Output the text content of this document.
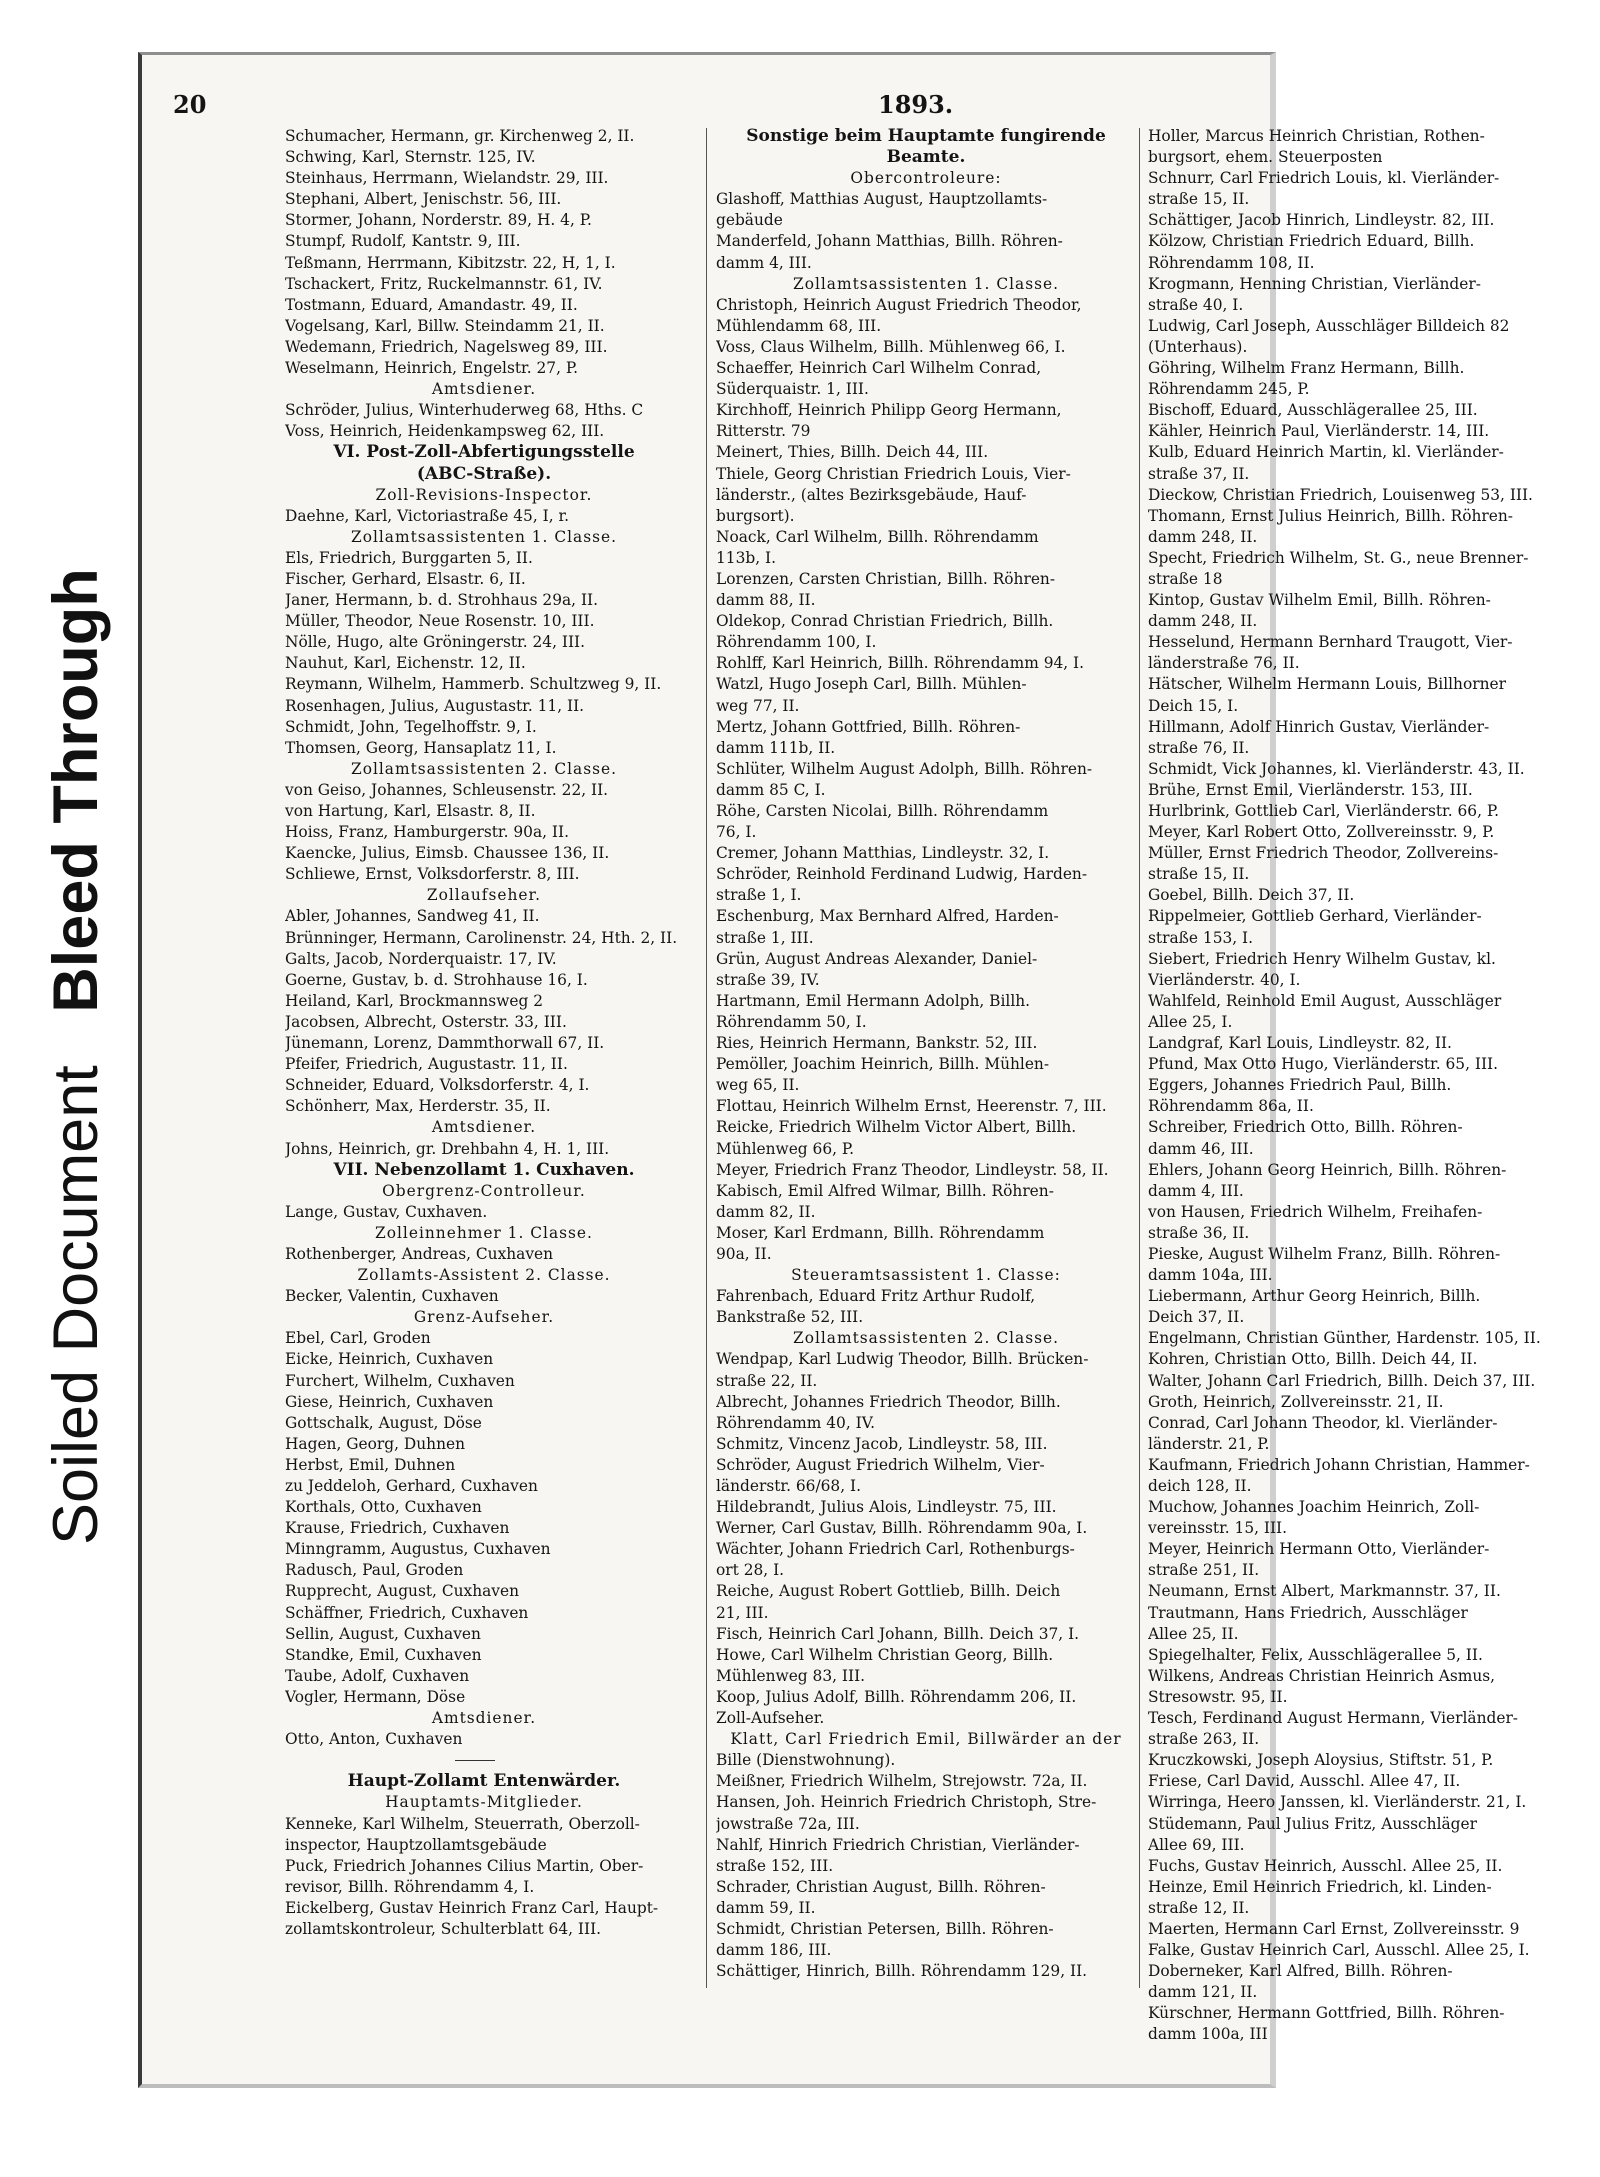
Soiled Document   Bleed Through
20	1893.
Schumacher, Hermann, gr. Kirchenweg 2, II.
Schwing, Karl, Sternstr. 125, IV.
Steinhaus, Herrmann, Wielandstr. 29, III.
Stephani, Albert, Jenischstr. 56, III.
Stormer, Johann, Norderstr. 89, H. 4, P.
Stumpf, Rudolf, Kantstr. 9, III.
Teßmann, Herrmann, Kibitzstr. 22, H, 1, I.
Tschackert, Fritz, Ruckelmannstr. 61, IV.
Tostmann, Eduard, Amandastr. 49, II.
Vogelsang, Karl, Billw. Steindamm 21, II.
Wedemann, Friedrich, Nagelsweg 89, III.
Weselmann, Heinrich, Engelstr. 27, P.
Amtsdiener.
Schröder, Julius, Winterhuderweg 68, Hths. C
Voss, Heinrich, Heidenkampsweg 62, III.
VI. Post-Zoll-Abfertigungsstelle
(ABC-Straße).
Zoll-Revisions-Inspector.
Daehne, Karl, Victoriastraße 45, I, r.
Zollamtsassistenten 1. Classe.
Els, Friedrich, Burggarten 5, II.
Fischer, Gerhard, Elsastr. 6, II.
Janer, Hermann, b. d. Strohhaus 29a, II.
Müller, Theodor, Neue Rosenstr. 10, III.
Nölle, Hugo, alte Gröningerstr. 24, III.
Nauhut, Karl, Eichenstr. 12, II.
Reymann, Wilhelm, Hammerb. Schultzweg 9, II.
Rosenhagen, Julius, Augustastr. 11, II.
Schmidt, John, Tegelhoffstr. 9, I.
Thomsen, Georg, Hansaplatz 11, I.
Zollamtsassistenten 2. Classe.
von Geiso, Johannes, Schleusenstr. 22, II.
von Hartung, Karl, Elsastr. 8, II.
Hoiss, Franz, Hamburgerstr. 90a, II.
Kaencke, Julius, Eimsb. Chaussee 136, II.
Schliewe, Ernst, Volksdorferstr. 8, III.
Zollaufseher.
Abler, Johannes, Sandweg 41, II.
Brünninger, Hermann, Carolinenstr. 24, Hth. 2, II.
Galts, Jacob, Norderquaistr. 17, IV.
Goerne, Gustav, b. d. Strohhause 16, I.
Heiland, Karl, Brockmannsweg 2
Jacobsen, Albrecht, Osterstr. 33, III.
Jünemann, Lorenz, Dammthorwall 67, II.
Pfeifer, Friedrich, Augustastr. 11, II.
Schneider, Eduard, Volksdorferstr. 4, I.
Schönherr, Max, Herderstr. 35, II.
Amtsdiener.
Johns, Heinrich, gr. Drehbahn 4, H. 1, III.
VII. Nebenzollamt 1. Cuxhaven.
Obergrenz-Controlleur.
Lange, Gustav, Cuxhaven.
Zolleinnehmer 1. Classe.
Rothenberger, Andreas, Cuxhaven
Zollamts-Assistent 2. Classe.
Becker, Valentin, Cuxhaven
Grenz-Aufseher.
Ebel, Carl, Groden
Eicke, Heinrich, Cuxhaven
Furchert, Wilhelm, Cuxhaven
Giese, Heinrich, Cuxhaven
Gottschalk, August, Döse
Hagen, Georg, Duhnen
Herbst, Emil, Duhnen
zu Jeddeloh, Gerhard, Cuxhaven
Korthals, Otto, Cuxhaven
Krause, Friedrich, Cuxhaven
Minngramm, Augustus, Cuxhaven
Radusch, Paul, Groden
Rupprecht, August, Cuxhaven
Schäffner, Friedrich, Cuxhaven
Sellin, August, Cuxhaven
Standke, Emil, Cuxhaven
Taube, Adolf, Cuxhaven
Vogler, Hermann, Döse
Amtsdiener.
Otto, Anton, Cuxhaven
Haupt-Zollamt Entenwärder.
Hauptamts-Mitglieder.
Kenneke, Karl Wilhelm, Steuerrath, Oberzoll-
inspector, Hauptzollamtsgebäude
Puck, Friedrich Johannes Cilius Martin, Ober-
revisor, Billh. Röhrendamm 4, I.
Eickelberg, Gustav Heinrich Franz Carl, Haupt-
zollamtskontroleur, Schulterblatt 64, III.
Sonstige beim Hauptamte fungirende
Beamte.
Obercontroleure:
Glashoff, Matthias August, Hauptzollamts-
gebäude
Manderfeld, Johann Matthias, Billh. Röhren-
damm 4, III.
Zollamtsassistenten 1. Classe.
Christoph, Heinrich August Friedrich Theodor,
Mühlendamm 68, III.
Voss, Claus Wilhelm, Billh. Mühlenweg 66, I.
Schaeffer, Heinrich Carl Wilhelm Conrad,
Süderquaistr. 1, III.
Kirchhoff, Heinrich Philipp Georg Hermann,
Ritterstr. 79
Meinert, Thies, Billh. Deich 44, III.
Thiele, Georg Christian Friedrich Louis, Vier-
länderstr., (altes Bezirksgebäude, Hauf-
burgsort).
Noack, Carl Wilhelm, Billh. Röhrendamm
113b, I.
Lorenzen, Carsten Christian, Billh. Röhren-
damm 88, II.
Oldekop, Conrad Christian Friedrich, Billh.
Röhrendamm 100, I.
Rohlff, Karl Heinrich, Billh. Röhrendamm 94, I.
Watzl, Hugo Joseph Carl, Billh. Mühlen-
weg 77, II.
Mertz, Johann Gottfried, Billh. Röhren-
damm 111b, II.
Schlüter, Wilhelm August Adolph, Billh. Röhren-
damm 85 C, I.
Röhe, Carsten Nicolai, Billh. Röhrendamm
76, I.
Cremer, Johann Matthias, Lindleystr. 32, I.
Schröder, Reinhold Ferdinand Ludwig, Harden-
straße 1, I.
Eschenburg, Max Bernhard Alfred, Harden-
straße 1, III.
Grün, August Andreas Alexander, Daniel-
straße 39, IV.
Hartmann, Emil Hermann Adolph, Billh.
Röhrendamm 50, I.
Ries, Heinrich Hermann, Bankstr. 52, III.
Pemöller, Joachim Heinrich, Billh. Mühlen-
weg 65, II.
Flottau, Heinrich Wilhelm Ernst, Heerenstr. 7, III.
Reicke, Friedrich Wilhelm Victor Albert, Billh.
Mühlenweg 66, P.
Meyer, Friedrich Franz Theodor, Lindleystr. 58, II.
Kabisch, Emil Alfred Wilmar, Billh. Röhren-
damm 82, II.
Moser, Karl Erdmann, Billh. Röhrendamm
90a, II.
Steueramtsassistent 1. Classe:
Fahrenbach, Eduard Fritz Arthur Rudolf,
Bankstraße 52, III.
Zollamtsassistenten 2. Classe.
Wendpap, Karl Ludwig Theodor, Billh. Brücken-
straße 22, II.
Albrecht, Johannes Friedrich Theodor, Billh.
Röhrendamm 40, IV.
Schmitz, Vincenz Jacob, Lindleystr. 58, III.
Schröder, August Friedrich Wilhelm, Vier-
länderstr. 66/68, I.
Hildebrandt, Julius Alois, Lindleystr. 75, III.
Werner, Carl Gustav, Billh. Röhrendamm 90a, I.
Wächter, Johann Friedrich Carl, Rothenburgs-
ort 28, I.
Reiche, August Robert Gottlieb, Billh. Deich
21, III.
Fisch, Heinrich Carl Johann, Billh. Deich 37, I.
Howe, Carl Wilhelm Christian Georg, Billh.
Mühlenweg 83, III.
Koop, Julius Adolf, Billh. Röhrendamm 206, II.
Zoll-Aufseher.
Klatt, Carl Friedrich Emil, Billwärder an der
Bille (Dienstwohnung).
Meißner, Friedrich Wilhelm, Strejowstr. 72a, II.
Hansen, Joh. Heinrich Friedrich Christoph, Stre-
jowstraße 72a, III.
Nahlf, Hinrich Friedrich Christian, Vierländer-
straße 152, III.
Schrader, Christian August, Billh. Röhren-
damm 59, II.
Schmidt, Christian Petersen, Billh. Röhren-
damm 186, III.
Schättiger, Hinrich, Billh. Röhrendamm 129, II.
Holler, Marcus Heinrich Christian, Rothen-
burgsort, ehem. Steuerposten
Schnurr, Carl Friedrich Louis, kl. Vierländer-
straße 15, II.
Schättiger, Jacob Hinrich, Lindleystr. 82, III.
Kölzow, Christian Friedrich Eduard, Billh.
Röhrendamm 108, II.
Krogmann, Henning Christian, Vierländer-
straße 40, I.
Ludwig, Carl Joseph, Ausschläger Billdeich 82
(Unterhaus).
Göhring, Wilhelm Franz Hermann, Billh.
Röhrendamm 245, P.
Bischoff, Eduard, Ausschlägerallee 25, III.
Kähler, Heinrich Paul, Vierländerstr. 14, III.
Kulb, Eduard Heinrich Martin, kl. Vierländer-
straße 37, II.
Dieckow, Christian Friedrich, Louisenweg 53, III.
Thomann, Ernst Julius Heinrich, Billh. Röhren-
damm 248, II.
Specht, Friedrich Wilhelm, St. G., neue Brenner-
straße 18
Kintop, Gustav Wilhelm Emil, Billh. Röhren-
damm 248, II.
Hesselund, Hermann Bernhard Traugott, Vier-
länderstraße 76, II.
Hätscher, Wilhelm Hermann Louis, Billhorner
Deich 15, I.
Hillmann, Adolf Hinrich Gustav, Vierländer-
straße 76, II.
Schmidt, Vick Johannes, kl. Vierländerstr. 43, II.
Brühe, Ernst Emil, Vierländerstr. 153, III.
Hurlbrink, Gottlieb Carl, Vierländerstr. 66, P.
Meyer, Karl Robert Otto, Zollvereinsstr. 9, P.
Müller, Ernst Friedrich Theodor, Zollvereins-
straße 15, II.
Goebel, Billh. Deich 37, II.
Rippelmeier, Gottlieb Gerhard, Vierländer-
straße 153, I.
Siebert, Friedrich Henry Wilhelm Gustav, kl.
Vierländerstr. 40, I.
Wahlfeld, Reinhold Emil August, Ausschläger
Allee 25, I.
Landgraf, Karl Louis, Lindleystr. 82, II.
Pfund, Max Otto Hugo, Vierländerstr. 65, III.
Eggers, Johannes Friedrich Paul, Billh.
Röhrendamm 86a, II.
Schreiber, Friedrich Otto, Billh. Röhren-
damm 46, III.
Ehlers, Johann Georg Heinrich, Billh. Röhren-
damm 4, III.
von Hausen, Friedrich Wilhelm, Freihafen-
straße 36, II.
Pieske, August Wilhelm Franz, Billh. Röhren-
damm 104a, III.
Liebermann, Arthur Georg Heinrich, Billh.
Deich 37, II.
Engelmann, Christian Günther, Hardenstr. 105, II.
Kohren, Christian Otto, Billh. Deich 44, II.
Walter, Johann Carl Friedrich, Billh. Deich 37, III.
Groth, Heinrich, Zollvereinsstr. 21, II.
Conrad, Carl Johann Theodor, kl. Vierländer-
länderstr. 21, P.
Kaufmann, Friedrich Johann Christian, Hammer-
deich 128, II.
Muchow, Johannes Joachim Heinrich, Zoll-
vereinsstr. 15, III.
Meyer, Heinrich Hermann Otto, Vierländer-
straße 251, II.
Neumann, Ernst Albert, Markmannstr. 37, II.
Trautmann, Hans Friedrich, Ausschläger
Allee 25, II.
Spiegelhalter, Felix, Ausschlägerallee 5, II.
Wilkens, Andreas Christian Heinrich Asmus,
Stresowstr. 95, II.
Tesch, Ferdinand August Hermann, Vierländer-
straße 263, II.
Kruczkowski, Joseph Aloysius, Stiftstr. 51, P.
Friese, Carl David, Ausschl. Allee 47, II.
Wirringa, Heero Janssen, kl. Vierländerstr. 21, I.
Stüdemann, Paul Julius Fritz, Ausschläger
Allee 69, III.
Fuchs, Gustav Heinrich, Ausschl. Allee 25, II.
Heinze, Emil Heinrich Friedrich, kl. Linden-
straße 12, II.
Maerten, Hermann Carl Ernst, Zollvereinsstr. 9
Falke, Gustav Heinrich Carl, Ausschl. Allee 25, I.
Doberneker, Karl Alfred, Billh. Röhren-
damm 121, II.
Kürschner, Hermann Gottfried, Billh. Röhren-
damm 100a, III
